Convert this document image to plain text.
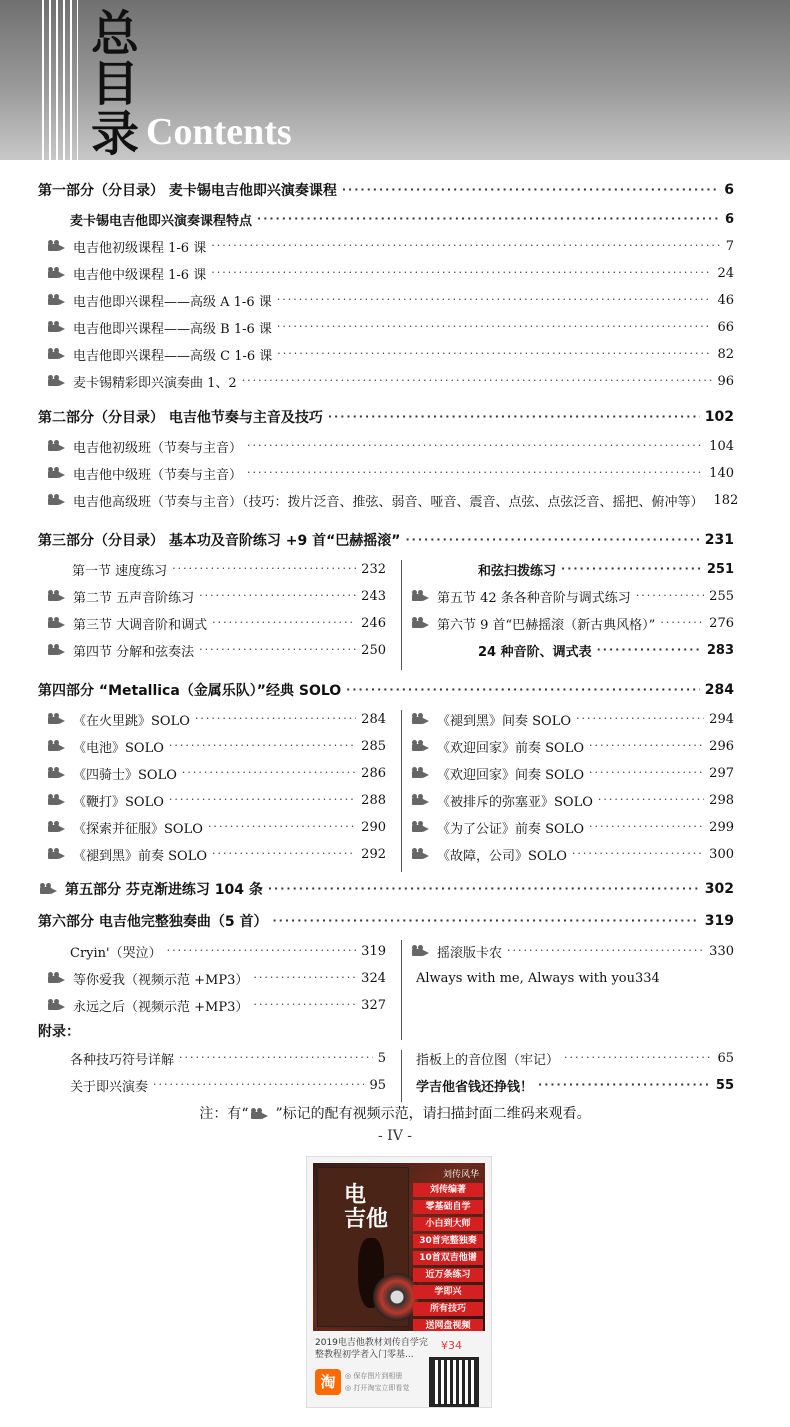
总
目
录 Contents
第一部分（分目录） 麦卡锡电吉他即兴演奏课程 ·····	6
麦卡锡电吉他即兴演奏课程特点 ·····	6
电吉他初级课程 1-6 课 ·····	7
电吉他中级课程 1-6 课 ·····	24
电吉他即兴课程——高级 A 1-6 课 ·····	46
电吉他即兴课程——高级 B 1-6 课 ·····	66
电吉他即兴课程——高级 C 1-6 课 ·····	82
麦卡锡精彩即兴演奏曲 1、2 ·····	96
第二部分（分目录） 电吉他节奏与主音及技巧 ·····	102
电吉他初级班（节奏与主音） ·····	104
电吉他中级班（节奏与主音） ·····	140
电吉他高级班（节奏与主音）（技巧：拨片泛音、推弦、弱音、哑音、震音、点弦、点弦泛音、摇把、俯冲等） 182
第三部分（分目录） 基本功及音阶练习 +9 首“巴赫摇滚” ·····	231
第一节 速度练习 ·····	232
第二节 五声音阶练习 ·····	243
第三节 大调音阶和调式 ·····	246
第四节 分解和弦奏法 ·····	250
和弦扫拨练习 ·····	251
第五节 42 条各种音阶与调式练习 ·····	255
第六节 9 首“巴赫摇滚（新古典风格）” ·····	276
24 种音阶、调式表 ·····	283
第四部分 “Metallica（金属乐队）”经典 SOLO ·····	284
《在火里跳》SOLO ·····	284
《电池》SOLO ·····	285
《四骑士》SOLO ·····	286
《鞭打》SOLO ·····	288
《探索并征服》SOLO ·····	290
《褪到黑》前奏 SOLO ·····	292
《褪到黑》间奏 SOLO ·····	294
《欢迎回家》前奏 SOLO ·····	296
《欢迎回家》间奏 SOLO ·····	297
《被排斥的弥塞亚》SOLO ·····	298
《为了公证》前奏 SOLO ·····	299
《故障，公司》SOLO ·····	300
第五部分 芬克渐进练习 104 条 ·····	302
第六部分 电吉他完整独奏曲（5 首） ·····	319
Cryin'（哭泣） ·····	319
等你爱我（视频示范 +MP3） ·····	324
永远之后（视频示范 +MP3） ·····	327
摇滚版卡农 ·····	330
Always with me, Always with you 334
附录：
各种技巧符号详解 ·····	5
关于即兴演奏 ·····	95
指板上的音位图（牢记） ·····	65
学吉他省钱还挣钱！ ·····	55
注：有“ ”标记的配有视频示范，请扫描封面二维码来观看。
- IV -
电
吉他
刘传风华
刘传编著
零基础自学
小白到大师
30首完整独奏
10首双吉他谱
近万条练习
学即兴
所有技巧
送网盘视频
2019电吉他教材刘传自学完整教程初学者入门零基...
¥34
淘	◎ 保存图片到相册
◎ 打开淘宝立即看觉
